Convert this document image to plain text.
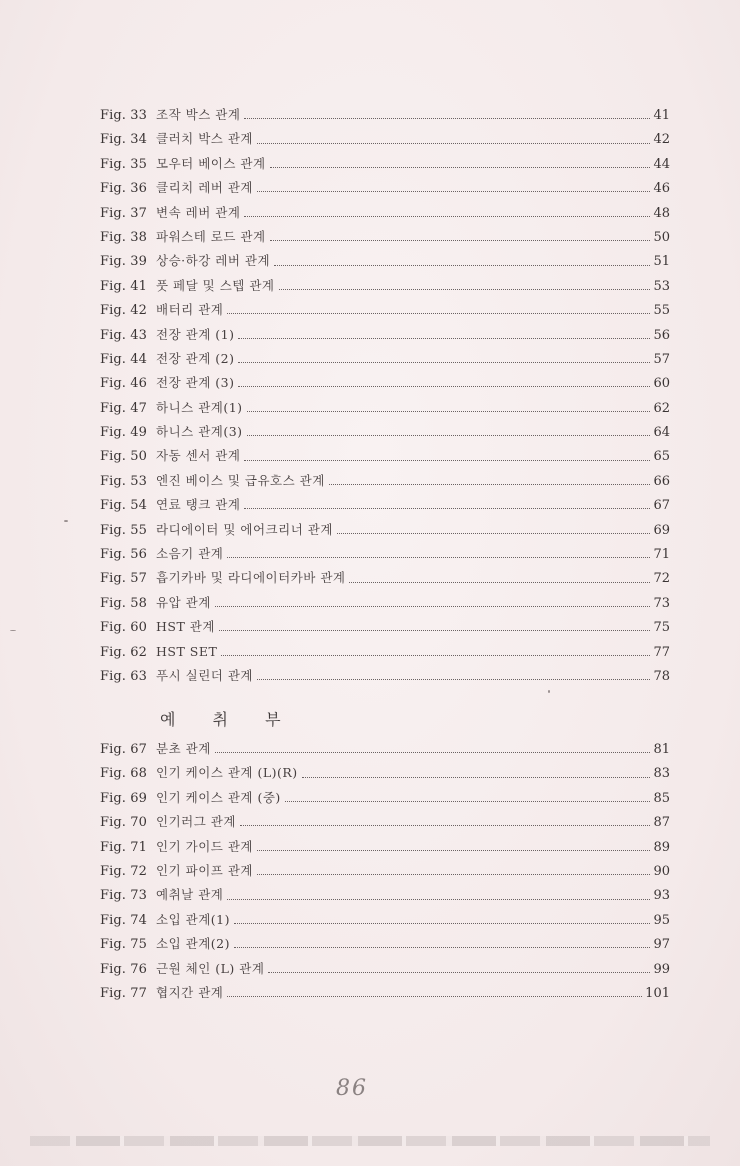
Fig. 33 조작 박스 관계	41
Fig. 34 클러치 박스 관계	42
Fig. 35 모우터 베이스 관계	44
Fig. 36 클리치 레버 관계	46
Fig. 37 변속 레버 관계	48
Fig. 38 파워스테 로드 관계	50
Fig. 39 상승·하강 레버 관계	51
Fig. 41 풋 페달 및 스텝 관계	53
Fig. 42 배터리 관계	55
Fig. 43 전장 관계 (1)	56
Fig. 44 전장 관계 (2)	57
Fig. 46 전장 관계 (3)	60
Fig. 47 하니스 관계(1)	62
Fig. 49 하니스 관계(3)	64
Fig. 50 자동 센서 관계	65
Fig. 53 엔진 베이스 및 급유호스 관계	66
Fig. 54 연료 탱크 관계	67
Fig. 55 라디에이터 및 에어크리너 관계	69
Fig. 56 소음기 관계	71
Fig. 57 흡기카바 및 라디에이터카바 관계	72
Fig. 58 유압 관계	73
Fig. 60 HST 관계	75
Fig. 62 HST SET	77
Fig. 63 푸시 실린더 관계	78
예 취 부
Fig. 67 분초 관계	81
Fig. 68 인기 케이스 관계 (L)(R)	83
Fig. 69 인기 케이스 관계 (중)	85
Fig. 70 인기러그 관계	87
Fig. 71 인기 가이드 관계	89
Fig. 72 인기 파이프 관계	90
Fig. 73 예취날 관계	93
Fig. 74 소입 관계(1)	95
Fig. 75 소입 관계(2)	97
Fig. 76 근원 체인 (L) 관계	99
Fig. 77 협지간 관계	101
86
